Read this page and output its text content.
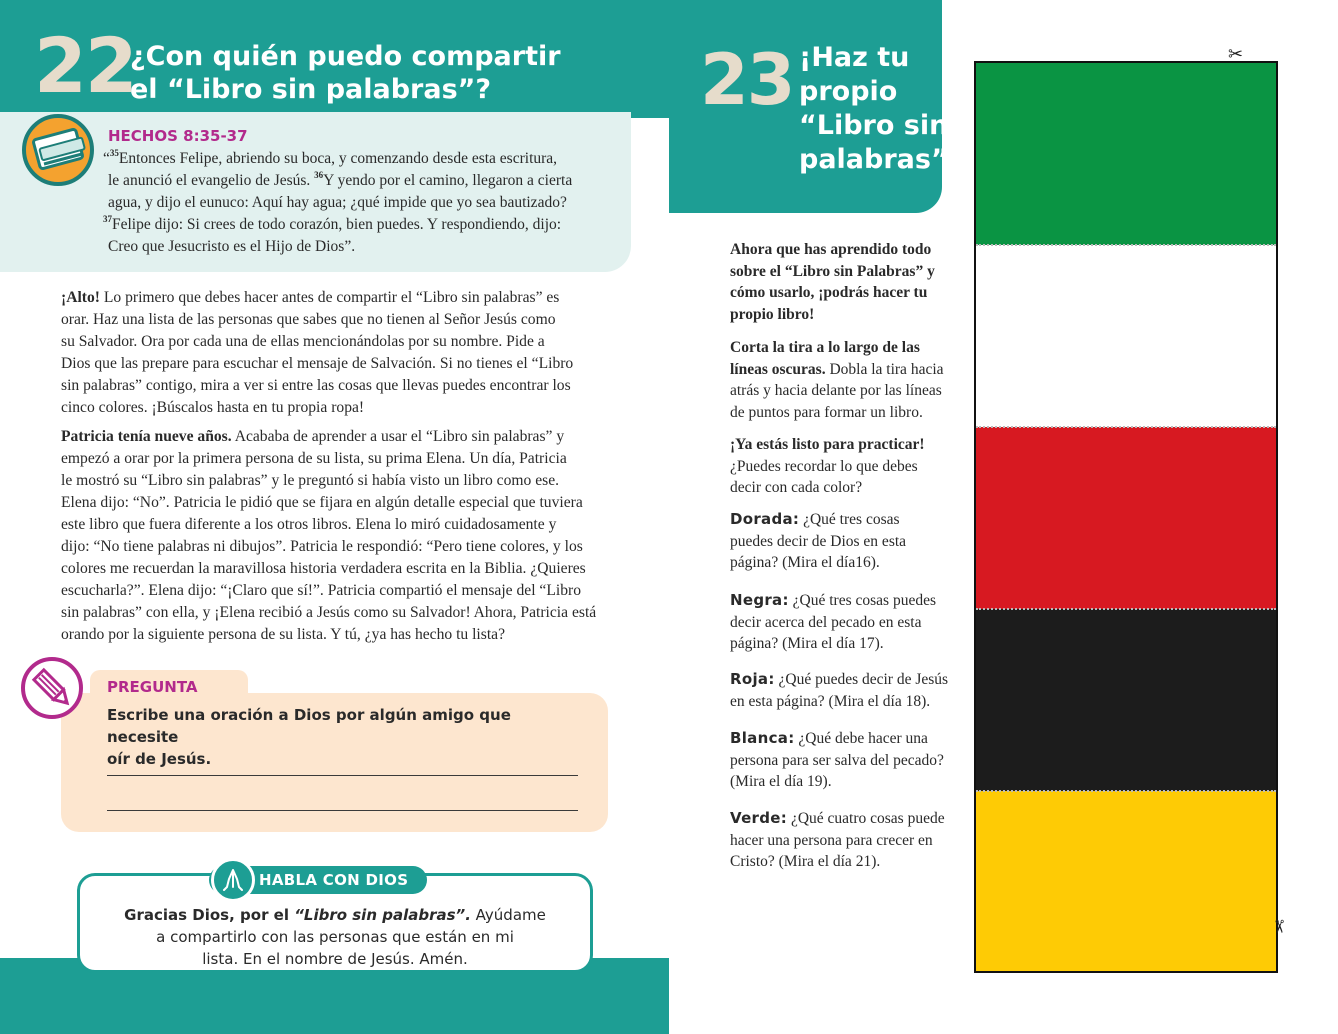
22
¿Con quién puedo compartir
el “Libro sin palabras”?
HECHOS 8:35-37
“$^{35}$Entonces Felipe, abriendo su boca, y comenzando desde esta escritura,
le anunció el evangelio de Jesús. $^{36}$Y yendo por el camino, llegaron a cierta
agua, y dijo el eunuco: Aquí hay agua; ¿qué impide que yo sea bautizado?
$^{37}$Felipe dijo: Si crees de todo corazón, bien puedes. Y respondiendo, dijo:
Creo que Jesucristo es el Hijo de Dios”.
¡Alto! Lo primero que debes hacer antes de compartir el “Libro sin palabras” es
orar. Haz una lista de las personas que sabes que no tienen al Señor Jesús como
su Salvador. Ora por cada una de ellas mencionándolas por su nombre. Pide a
Dios que las prepare para escuchar el mensaje de Salvación. Si no tienes el “Libro
sin palabras” contigo, mira a ver si entre las cosas que llevas puedes encontrar los
cinco colores. ¡Búscalos hasta en tu propia ropa!
Patricia tenía nueve años. Acababa de aprender a usar el “Libro sin palabras” y
empezó a orar por la primera persona de su lista, su prima Elena. Un día, Patricia
le mostró su “Libro sin palabras” y le preguntó si había visto un libro como ese.
Elena dijo: “No”. Patricia le pidió que se fijara en algún detalle especial que tuviera
este libro que fuera diferente a los otros libros. Elena lo miró cuidadosamente y
dijo: “No tiene palabras ni dibujos”. Patricia le respondió: “Pero tiene colores, y los
colores me recuerdan la maravillosa historia verdadera escrita en la Biblia. ¿Quieres
escucharla?”. Elena dijo: “¡Claro que sí!”. Patricia compartió el mensaje del “Libro
sin palabras” con ella, y ¡Elena recibió a Jesús como su Salvador! Ahora, Patricia está
orando por la siguiente persona de su lista. Y tú, ¿ya has hecho tu lista?
PREGUNTA
Escribe una oración a Dios por algún amigo que necesite
oír de Jesús.
HABLA CON DIOS
Gracias Dios, por el “Libro sin palabras”. Ayúdame
a compartirlo con las personas que están en mi
lista. En el nombre de Jesús. Amén.
23 ¡Haz tu
propio
“Libro sin
palabras”!
Ahora que has aprendido todo
sobre el “Libro sin Palabras” y
cómo usarlo, ¡podrás hacer tu
propio libro!
Corta la tira a lo largo de las
líneas oscuras. Dobla la tira hacia
atrás y hacia delante por las líneas
de puntos para formar un libro.
¡Ya estás listo para practicar!
¿Puedes recordar lo que debes
decir con cada color?
Dorada: ¿Qué tres cosas
puedes decir de Dios en esta
página? (Mira el día16).
Negra: ¿Qué tres cosas puedes
decir acerca del pecado en esta
página? (Mira el día 17).
Roja: ¿Qué puedes decir de Jesús
en esta página? (Mira el día 18).
Blanca: ¿Qué debe hacer una
persona para ser salva del pecado?
(Mira el día 19).
Verde: ¿Qué cuatro cosas puede
hacer una persona para crecer en
Cristo? (Mira el día 21).
✂
✂
